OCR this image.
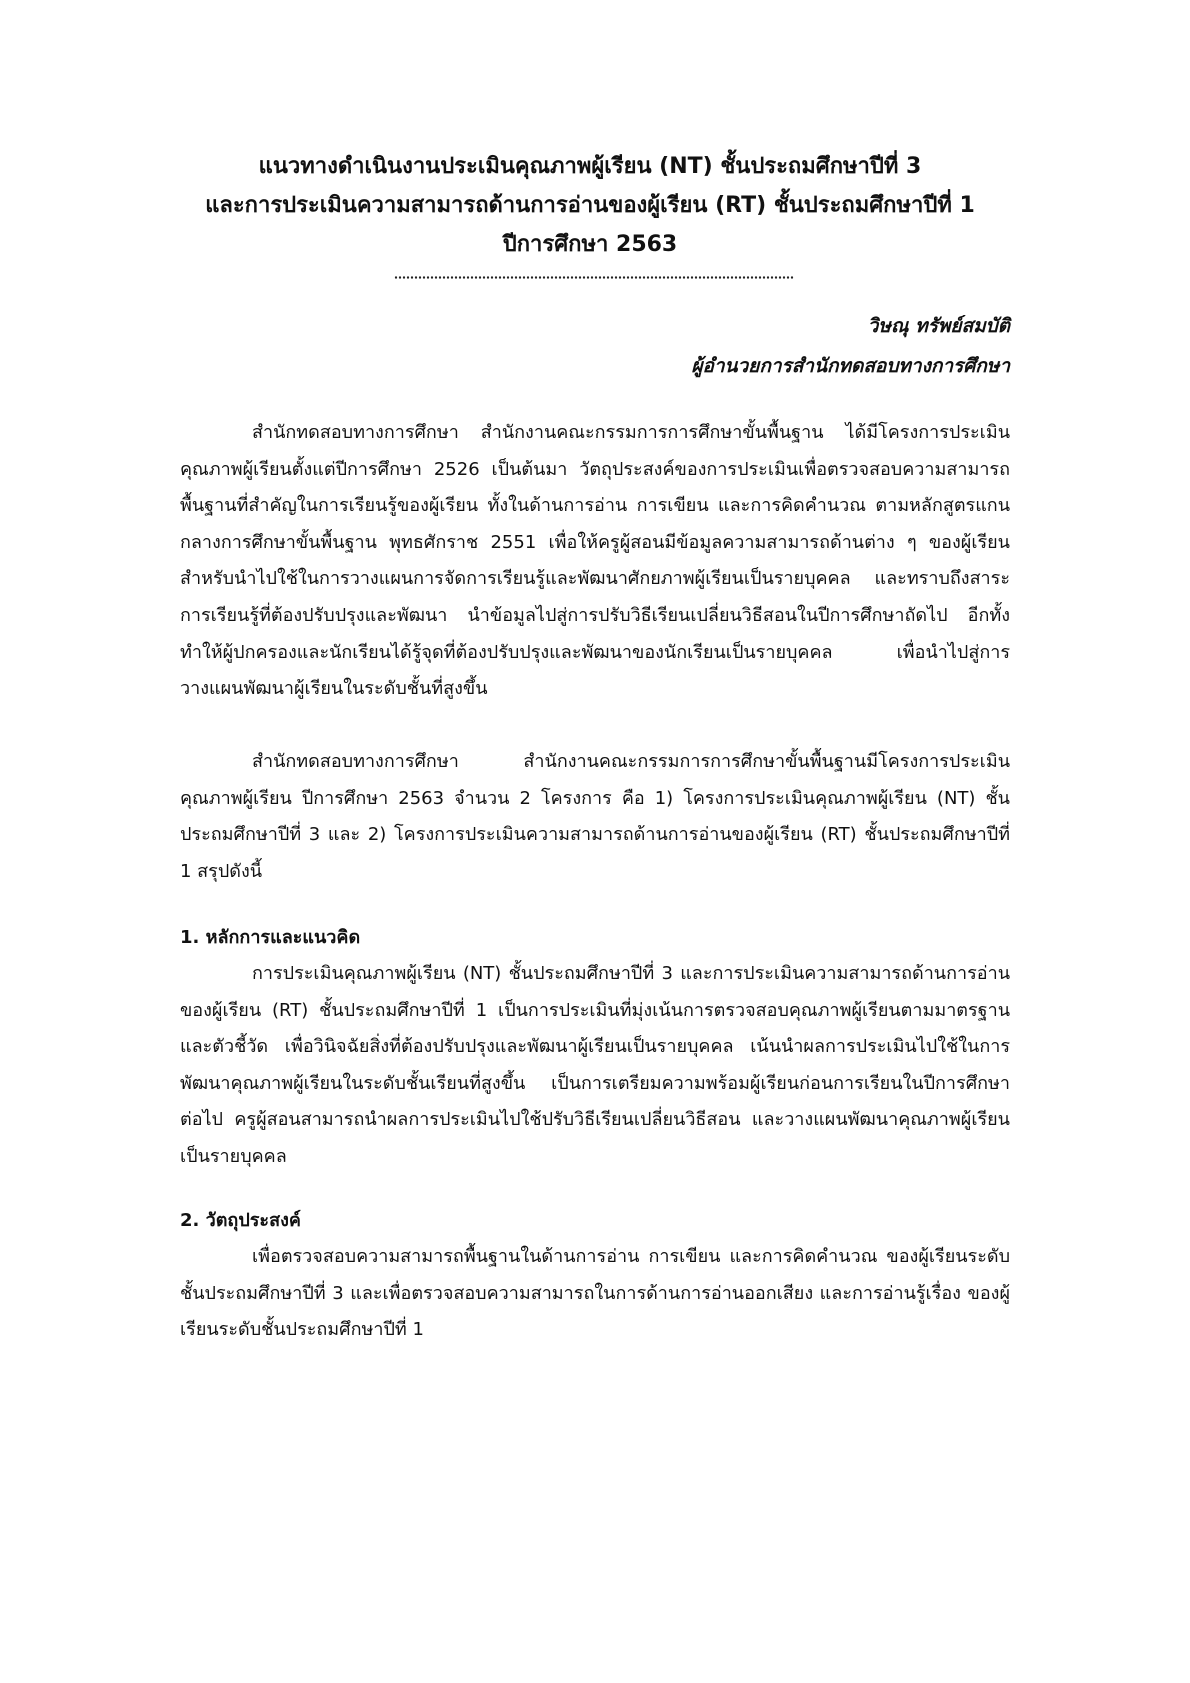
แนวทางดำเนินงานประเมินคุณภาพผู้เรียน (NT) ชั้นประถมศึกษาปีที่ 3
และการประเมินความสามารถด้านการอ่านของผู้เรียน (RT) ชั้นประถมศึกษาปีที่ 1
ปีการศึกษา 2563
วิษณุ ทรัพย์สมบัติ
ผู้อำนวยการสำนักทดสอบทางการศึกษา

สำนักทดสอบทางการศึกษา สำนักงานคณะกรรมการการศึกษาขั้นพื้นฐาน ได้มีโครงการประเมินคุณภาพผู้เรียนตั้งแต่ปีการศึกษา 2526 เป็นต้นมา วัตถุประสงค์ของการประเมินเพื่อตรวจสอบความสามารถพื้นฐานที่สำคัญในการเรียนรู้ของผู้เรียน ทั้งในด้านการอ่าน การเขียน และการคิดคำนวณ ตามหลักสูตรแกนกลางการศึกษาขั้นพื้นฐาน พุทธศักราช 2551 เพื่อให้ครูผู้สอนมีข้อมูลความสามารถด้านต่าง ๆ ของผู้เรียน สำหรับนำไปใช้ในการวางแผนการจัดการเรียนรู้และพัฒนาศักยภาพผู้เรียนเป็นรายบุคคล และทราบถึงสาระการเรียนรู้ที่ต้องปรับปรุงและพัฒนา นำข้อมูลไปสู่การปรับวิธีเรียนเปลี่ยนวิธีสอนในปีการศึกษาถัดไป อีกทั้งทำให้ผู้ปกครองและนักเรียนได้รู้จุดที่ต้องปรับปรุงและพัฒนาของนักเรียนเป็นรายบุคคล เพื่อนำไปสู่การวางแผนพัฒนาผู้เรียนในระดับชั้นที่สูงขึ้น

สำนักทดสอบทางการศึกษา สำนักงานคณะกรรมการการศึกษาขั้นพื้นฐานมีโครงการประเมินคุณภาพผู้เรียน ปีการศึกษา 2563 จำนวน 2 โครงการ คือ 1) โครงการประเมินคุณภาพผู้เรียน (NT) ชั้นประถมศึกษาปีที่ 3 และ 2) โครงการประเมินความสามารถด้านการอ่านของผู้เรียน (RT) ชั้นประถมศึกษาปีที่ 1 สรุปดังนี้

1. หลักการและแนวคิด

การประเมินคุณภาพผู้เรียน (NT) ชั้นประถมศึกษาปีที่ 3 และการประเมินความสามารถด้านการอ่านของผู้เรียน (RT) ชั้นประถมศึกษาปีที่ 1 เป็นการประเมินที่มุ่งเน้นการตรวจสอบคุณภาพผู้เรียนตามมาตรฐานและตัวชี้วัด เพื่อวินิจฉัยสิ่งที่ต้องปรับปรุงและพัฒนาผู้เรียนเป็นรายบุคคล เน้นนำผลการประเมินไปใช้ในการพัฒนาคุณภาพผู้เรียนในระดับชั้นเรียนที่สูงขึ้น เป็นการเตรียมความพร้อมผู้เรียนก่อนการเรียนในปีการศึกษาต่อไป ครูผู้สอนสามารถนำผลการประเมินไปใช้ปรับวิธีเรียนเปลี่ยนวิธีสอน และวางแผนพัฒนาคุณภาพผู้เรียนเป็นรายบุคคล

2. วัตถุประสงค์

เพื่อตรวจสอบความสามารถพื้นฐานในด้านการอ่าน การเขียน และการคิดคำนวณ ของผู้เรียนระดับชั้นประถมศึกษาปีที่ 3 และเพื่อตรวจสอบความสามารถในการด้านการอ่านออกเสียง และการอ่านรู้เรื่อง ของผู้เรียนระดับชั้นประถมศึกษาปีที่ 1
